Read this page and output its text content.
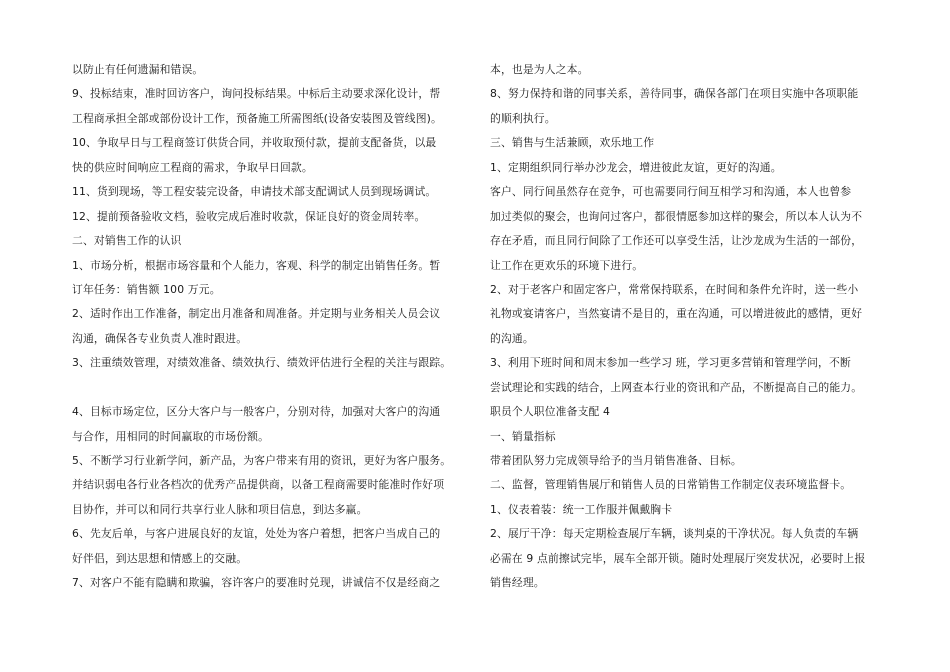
以防止有任何遗漏和错误。
9、投标结束，准时回访客户，询问投标结果。中标后主动要求深化设计，帮
工程商承担全部或部份设计工作，预备施工所需图纸(设备安装图及管线图)。
10、争取早日与工程商签订供货合同，并收取预付款，提前支配备货，以最
快的供应时间响应工程商的需求，争取早日回款。
11、货到现场，等工程安装完设备，申请技术部支配调试人员到现场调试。
12、提前预备验收文档，验收完成后准时收款，保证良好的资金周转率。
二、对销售工作的认识
1、市场分析，根据市场容量和个人能力，客观、科学的制定出销售任务。暂
订年任务：销售额 100 万元。
2、适时作出工作准备，制定出月准备和周准备。并定期与业务相关人员会议
沟通，确保各专业负责人准时跟进。
3、注重绩效管理，对绩效准备、绩效执行、绩效评估进行全程的关注与跟踪。
4、目标市场定位，区分大客户与一般客户，分别对待，加强对大客户的沟通
与合作，用相同的时间赢取的市场份额。
5、不断学习行业新学问，新产品，为客户带来有用的资讯，更好为客户服务。
并结识弱电各行业各档次的优秀产品提供商，以备工程商需要时能准时作好项
目协作，并可以和同行共享行业人脉和项目信息，到达多赢。
6、先友后单，与客户进展良好的友谊，处处为客户着想，把客户当成自己的
好伴侣，到达思想和情感上的交融。
7、对客户不能有隐瞒和欺骗，容许客户的要准时兑现，讲诚信不仅是经商之
本，也是为人之本。
8、努力保持和谐的同事关系，善待同事，确保各部门在项目实施中各项职能
的顺利执行。
三、销售与生活兼顾，欢乐地工作
1、定期组织同行举办沙龙会，增进彼此友谊，更好的沟通。
客户、同行间虽然存在竞争，可也需要同行间互相学习和沟通，本人也曾参
加过类似的聚会，也询问过客户，都很情愿参加这样的聚会，所以本人认为不
存在矛盾，而且同行间除了工作还可以享受生活，让沙龙成为生活的一部份，
让工作在更欢乐的环境下进行。
2、对于老客户和固定客户，常常保持联系，在时间和条件允许时，送一些小
礼物或宴请客户，当然宴请不是目的，重在沟通，可以增进彼此的感情，更好
的沟通。
3、利用下班时间和周末参加一些学习 班，学习更多营销和管理学问，不断
尝试理论和实践的结合，上网查本行业的资讯和产品，不断提高自己的能力。
职员个人职位准备支配 4
一、销量指标
带着团队努力完成领导给予的当月销售准备、目标。
二、监督，管理销售展厅和销售人员的日常销售工作制定仪表环境监督卡。
1、仪表着装：统一工作服并佩戴胸卡
2、展厅干净：每天定期检查展厅车辆，谈判桌的干净状况。每人负责的车辆
必需在 9 点前擦试完毕，展车全部开锁。随时处理展厅突发状况，必要时上报
销售经理。
